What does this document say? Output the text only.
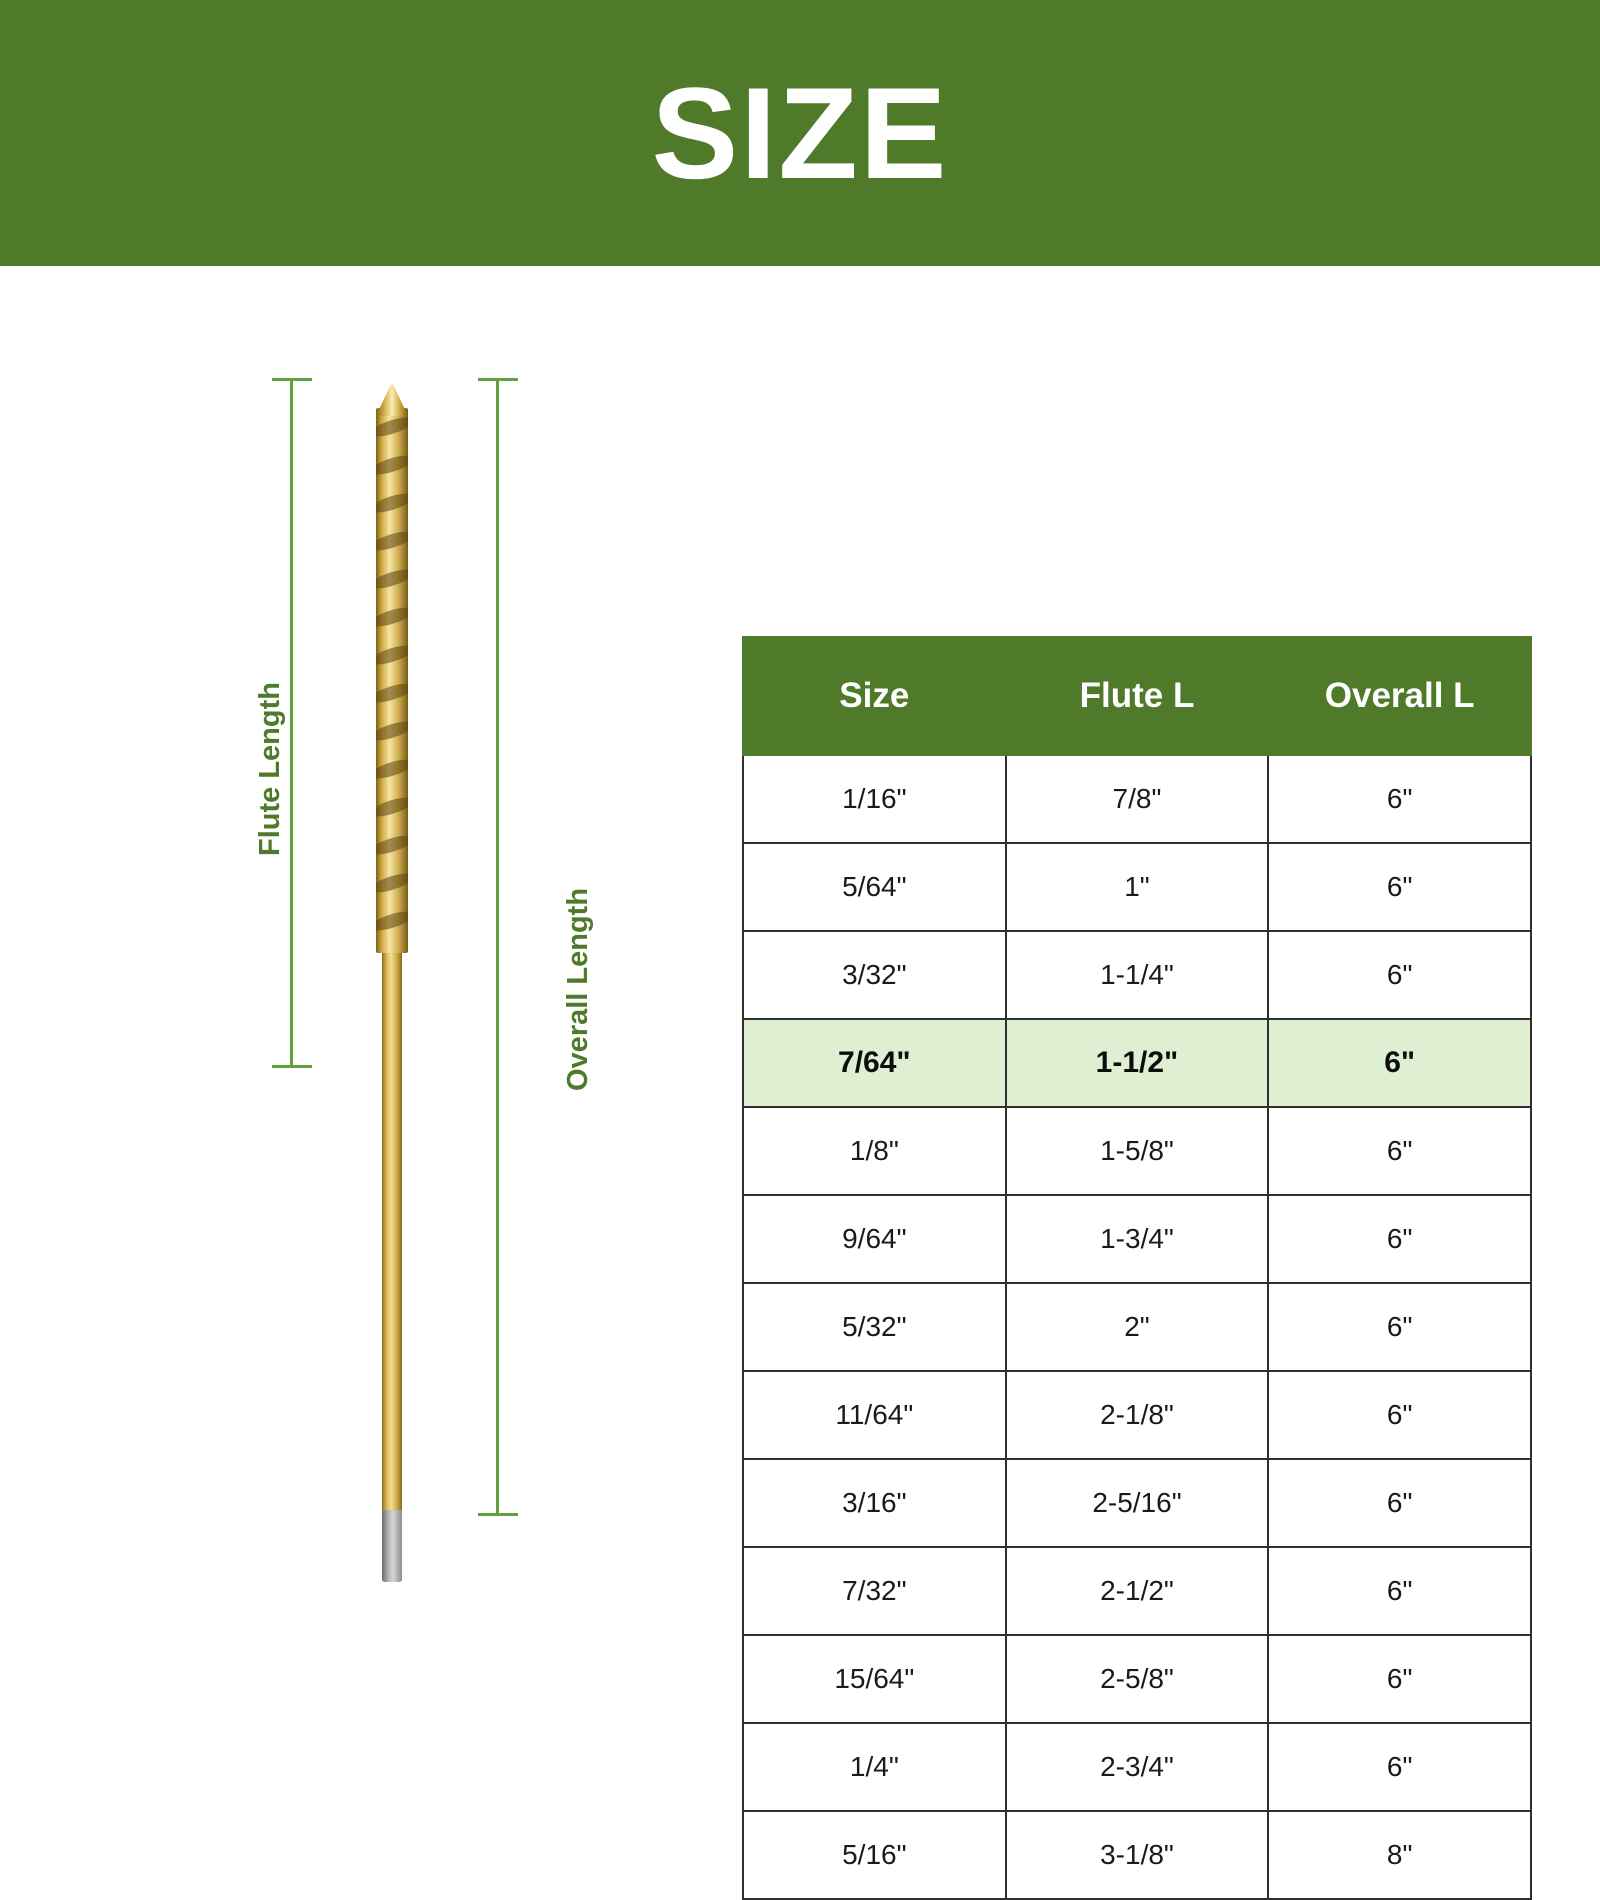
SIZE
Flute Length
Overall Length
Size	Flute L	Overall L
1/16"	7/8"	6"
5/64"	1"	6"
3/32"	1-1/4"	6"
7/64"	1-1/2"	6"
1/8"	1-5/8"	6"
9/64"	1-3/4"	6"
5/32"	2"	6"
11/64"	2-1/8"	6"
3/16"	2-5/16"	6"
7/32"	2-1/2"	6"
15/64"	2-5/8"	6"
1/4"	2-3/4"	6"
5/16"	3-1/8"	8"
